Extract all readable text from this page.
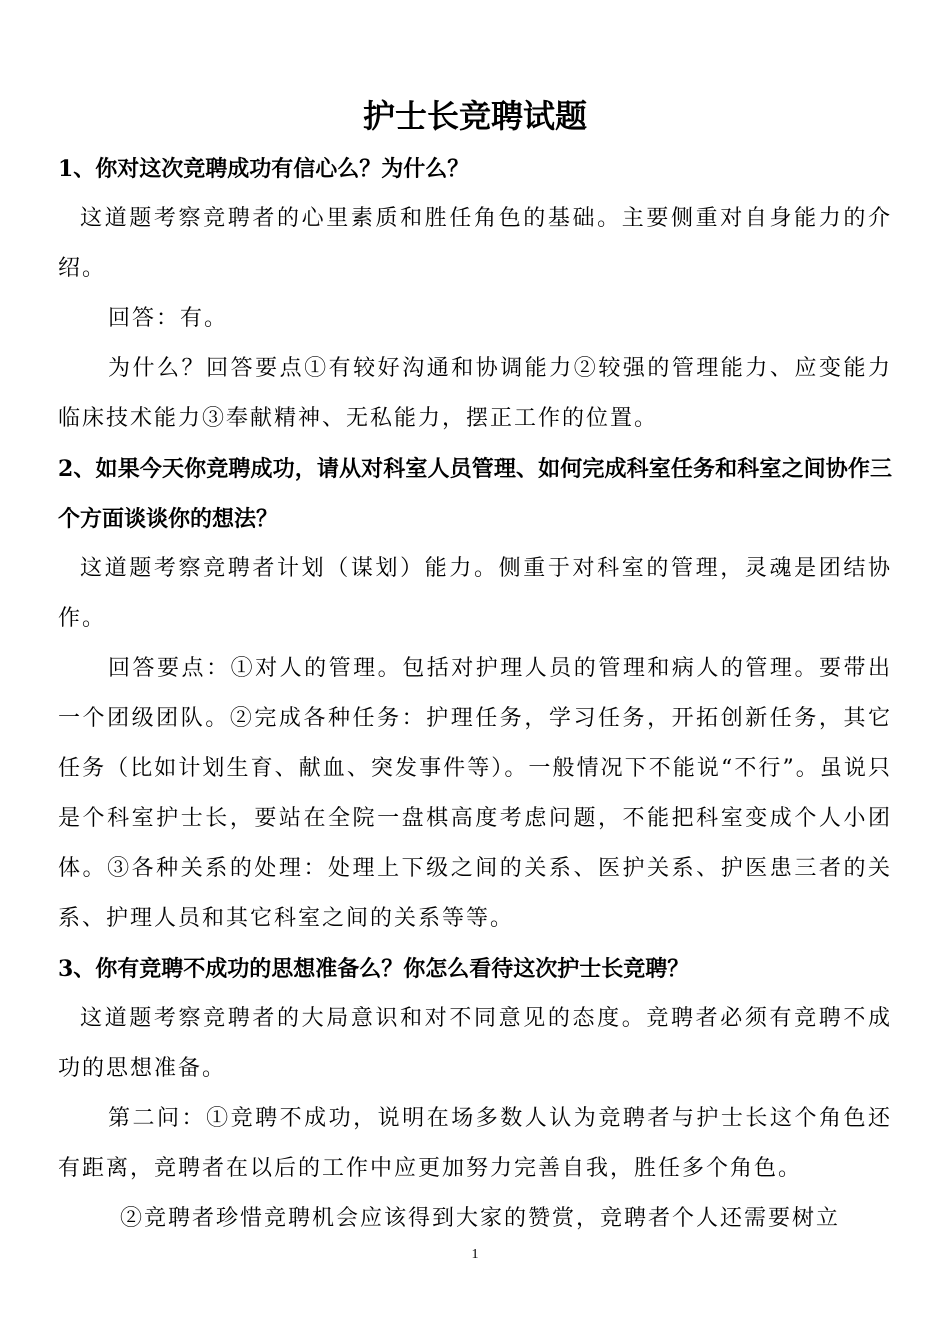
护士长竞聘试题

1、你对这次竞聘成功有信心么？为什么？

这道题考察竞聘者的心里素质和胜任角色的基础。主要侧重对自身能力的介绍。

回答：有。

为什么？回答要点①有较好沟通和协调能力②较强的管理能力、应变能力临床技术能力③奉献精神、无私能力，摆正工作的位置。

2、如果今天你竞聘成功，请从对科室人员管理、如何完成科室任务和科室之间协作三个方面谈谈你的想法？

这道题考察竞聘者计划（谋划）能力。侧重于对科室的管理，灵魂是团结协作。

回答要点：①对人的管理。包括对护理人员的管理和病人的管理。要带出一个团级团队。②完成各种任务：护理任务，学习任务，开拓创新任务，其它任务（比如计划生育、献血、突发事件等）。一般情况下不能说“不行”。虽说只是个科室护士长，要站在全院一盘棋高度考虑问题，不能把科室变成个人小团体。③各种关系的处理：处理上下级之间的关系、医护关系、护医患三者的关系、护理人员和其它科室之间的关系等等。

3、你有竞聘不成功的思想准备么？你怎么看待这次护士长竞聘？

这道题考察竞聘者的大局意识和对不同意见的态度。竞聘者必须有竞聘不成功的思想准备。

第二问：①竞聘不成功，说明在场多数人认为竞聘者与护士长这个角色还有距离，竞聘者在以后的工作中应更加努力完善自我，胜任多个角色。

②竞聘者珍惜竞聘机会应该得到大家的赞赏，竞聘者个人还需要树立

1
